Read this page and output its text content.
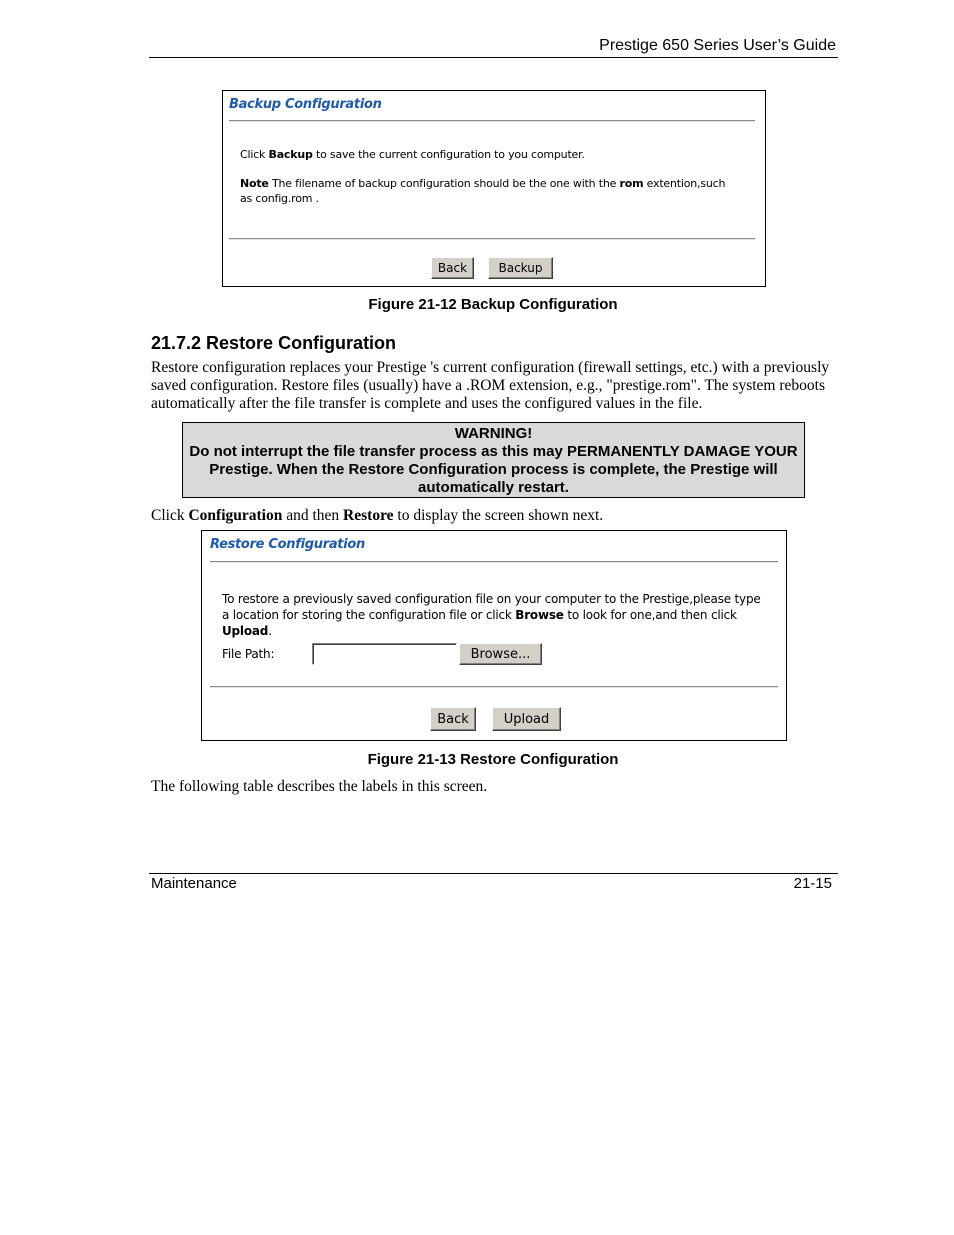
Prestige 650 Series User’s Guide
Backup Configuration
Click Backup to save the current configuration to you computer.
Note The filename of backup configuration should be the one with the rom extention,such as config.rom .
Back	Backup
Figure 21-12 Backup Configuration
21.7.2 Restore Configuration
Restore configuration replaces your Prestige 's current configuration (firewall settings, etc.) with a previously saved configuration. Restore files (usually) have a .ROM extension, e.g., "prestige.rom". The system reboots automatically after the file transfer is complete and uses the configured values in the file.
WARNING!
Do not interrupt the file transfer process as this may PERMANENTLY DAMAGE YOUR Prestige. When the Restore Configuration process is complete, the Prestige will automatically restart.
Click Configuration and then Restore to display the screen shown next.
Restore Configuration
To restore a previously saved configuration file on your computer to the Prestige,please type a location for storing the configuration file or click Browse to look for one,and then click Upload.
File Path:	Browse...
Back	Upload
Figure 21-13 Restore Configuration
The following table describes the labels in this screen.
Maintenance	21-15
